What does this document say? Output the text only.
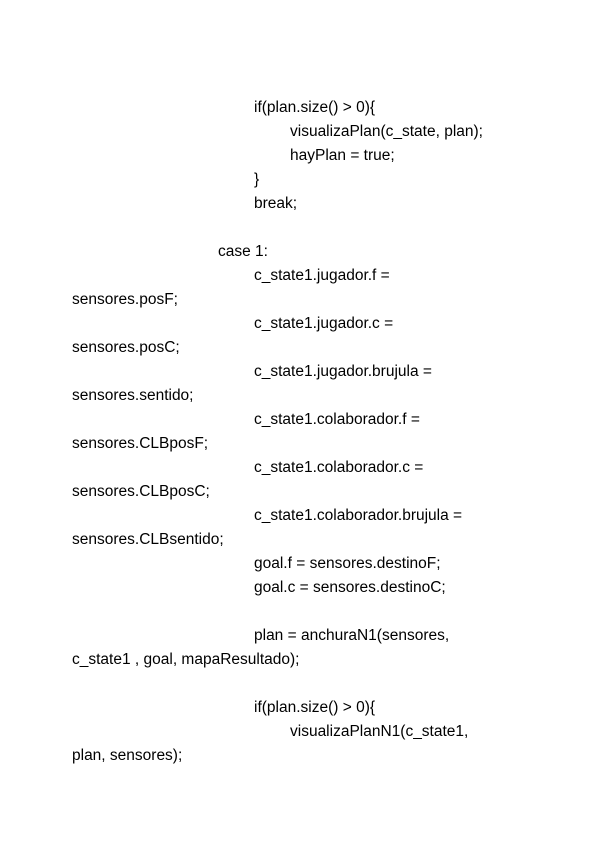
if(plan.size() > 0){
visualizaPlan(c_state, plan);
hayPlan = true;
}
break;
case 1:
c_state1.jugador.f =
sensores.posF;
c_state1.jugador.c =
sensores.posC;
c_state1.jugador.brujula =
sensores.sentido;
c_state1.colaborador.f =
sensores.CLBposF;
c_state1.colaborador.c =
sensores.CLBposC;
c_state1.colaborador.brujula =
sensores.CLBsentido;
goal.f = sensores.destinoF;
goal.c = sensores.destinoC;
plan = anchuraN1(sensores,
c_state1 , goal, mapaResultado);
if(plan.size() > 0){
visualizaPlanN1(c_state1,
plan, sensores);
